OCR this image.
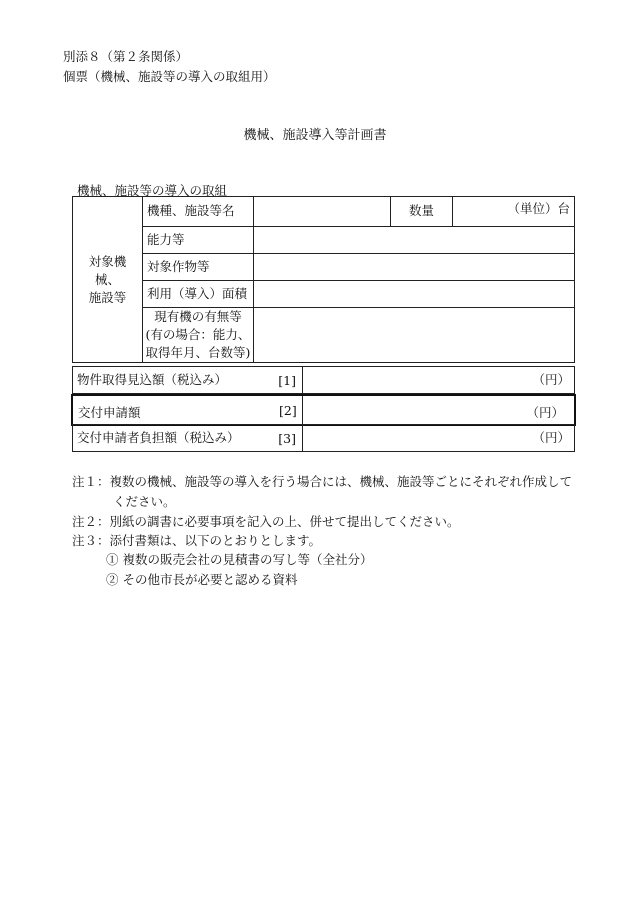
別添８（第２条関係）
個票（機械、施設等の導入の取組用）
機械、施設導入等計画書
機械、施設等の導入の取組
対象機械、
施設等	機種、施設等名		数量	（単位）台
	能力等			
	対象作物等			
	利用（導入）面積			

	現有機の有無等
(有の場合：能力、
取得年月、台数等)			

物件取得見込額（税込み）	[1]	（円）
交付申請額	[2]	（円）
交付申請者負担額（税込み）	[3]	（円）
注１：複数の機械、施設等の導入を行う場合には、機械、施設等ごとにそれぞれ作成して
ください。
注２：別紙の調書に必要事項を記入の上、併せて提出してください。
注３：添付書類は、以下のとおりとします。
① 複数の販売会社の見積書の写し等（全社分）
② その他市長が必要と認める資料
